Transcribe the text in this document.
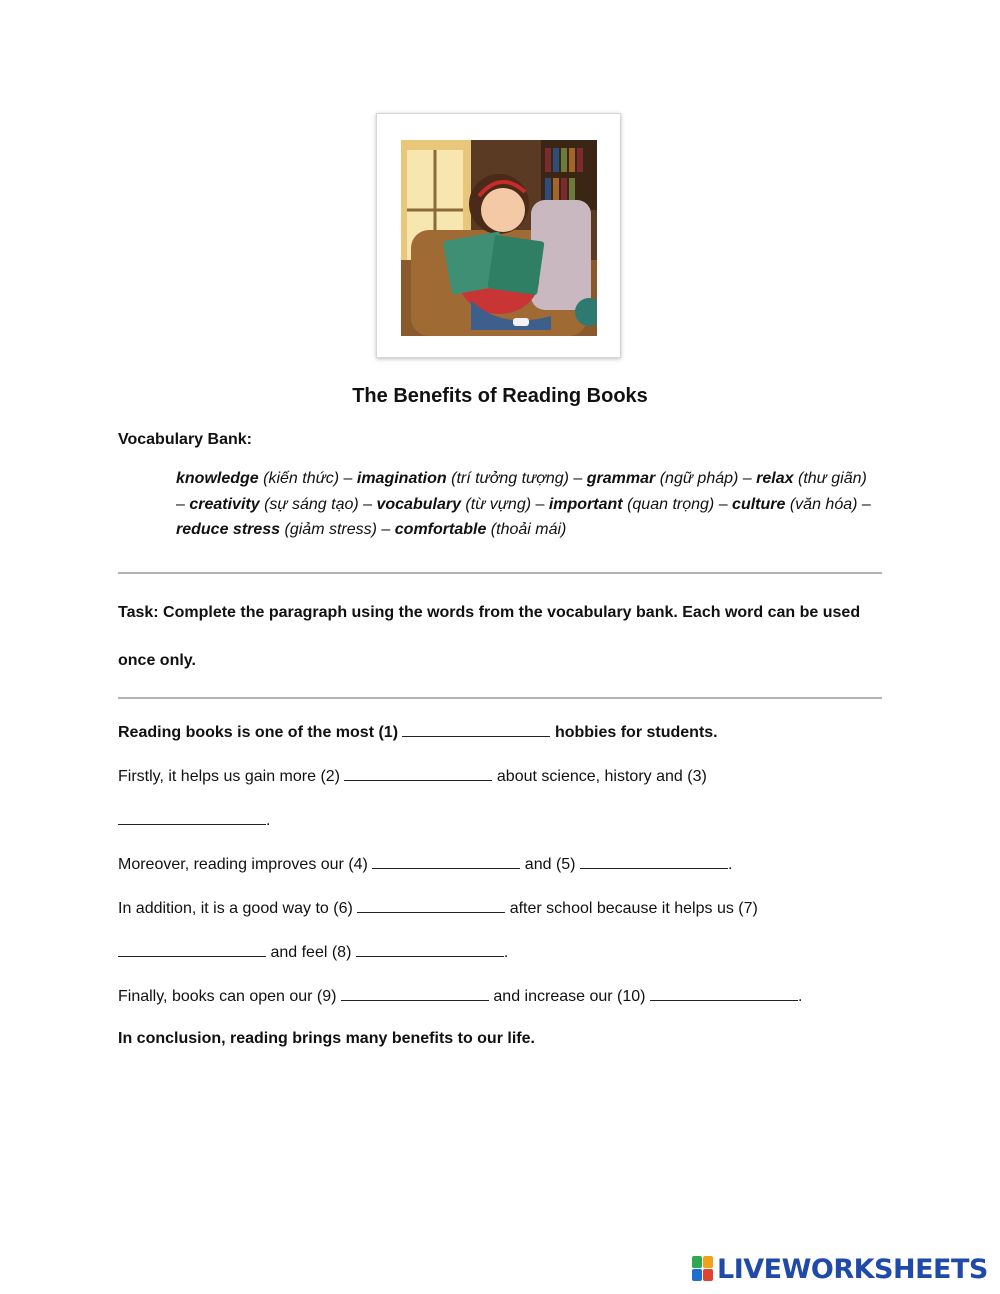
The Benefits of Reading Books

Vocabulary Bank:

knowledge (kiến thức) – imagination (trí tưởng tượng) – grammar (ngữ pháp) – relax (thư giãn) – creativity (sự sáng tạo) – vocabulary (từ vựng) – important (quan trọng) – culture (văn hóa) – reduce stress (giảm stress) – comfortable (thoải mái)

Task: Complete the paragraph using the words from the vocabulary bank. Each word can be used once only.

Reading books is one of the most (1)	hobbies for students.

Firstly, it helps us gain more (2)	about science, history and (3)

.

Moreover, reading improves our (4)	and (5)	.

In addition, it is a good way to (6)	after school because it helps us (7)

and feel (8)	.

Finally, books can open our (9)	and increase our (10)	.

In conclusion, reading brings many benefits to our life.

LIVEWORKSHEETS
